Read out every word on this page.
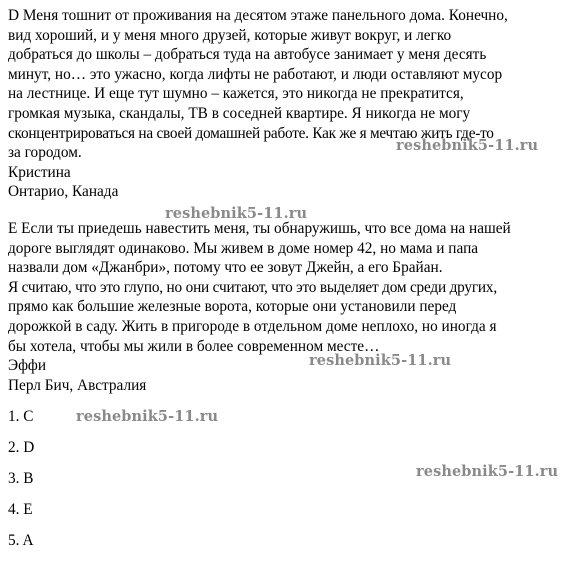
D Меня тошнит от проживания на десятом этаже панельного дома. Конечно,
вид хороший, и у меня много друзей, которые живут вокруг, и легко
добраться до школы – добраться туда на автобусе занимает у меня десять
минут, но… это ужасно, когда лифты не работают, и люди оставляют мусор
на лестнице. И еще тут шумно – кажется, это никогда не прекратится,
громкая музыка, скандалы, ТВ в соседней квартире. Я никогда не могу
сконцентрироваться на своей домашней работе. Как же я мечтаю жить где-то
за городом.
Кристина
Онтарио, Канада
E Если ты приедешь навестить меня, ты обнаружишь, что все дома на нашей
дороге выглядят одинаково. Мы живем в доме номер 42, но мама и папа
назвали дом «Джанбри», потому что ее зовут Джейн, а его Брайан.
Я считаю, что это глупо, но они считают, что это выделяет дом среди других,
прямо как большие железные ворота, которые они установили перед
дорожкой в саду. Жить в пригороде в отдельном доме неплохо, но иногда я
бы хотела, чтобы мы жили в более современном месте…
Эффи
Перл Бич, Австралия
1. C
2. D
3. B
4. E
5. A
reshebnik5-11.ru
reshebnik5-11.ru
reshebnik5-11.ru
reshebnik5-11.ru
reshebnik5-11.ru
